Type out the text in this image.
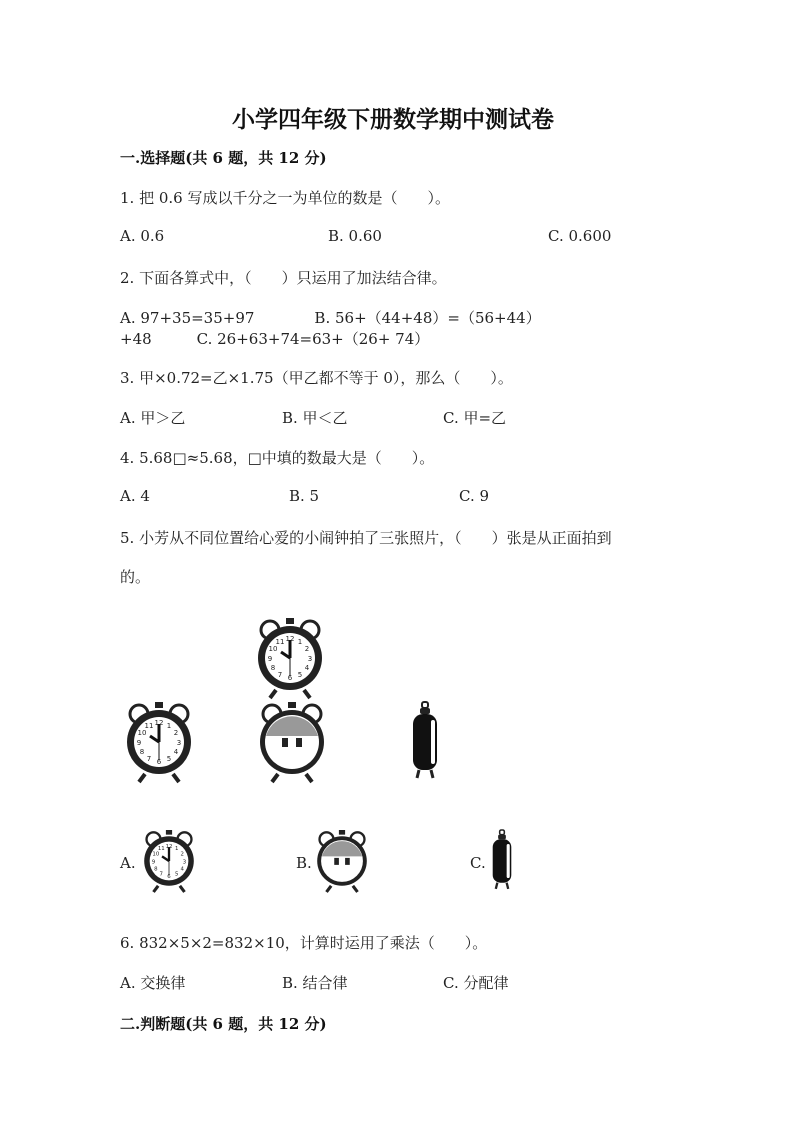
小学四年级下册数学期中测试卷
一.选择题(共 6 题，共 12 分)
1. 把 0.6 写成以千分之一为单位的数是（　　）。
A. 0.6	B. 0.60	C. 0.600
2. 下面各算式中，（　　）只运用了加法结合律。
A. 97+35=35+97　　　　B. 56+（44+48）=（56+44）
+48　　　C. 26+63+74=63+（26+ 74）
3. 甲×0.72=乙×1.75（甲乙都不等于 0），那么（　　）。
A. 甲＞乙	B. 甲＜乙	C. 甲=乙
4. 5.68□≈5.68，□中填的数最大是（　　）。
A. 4	B. 5	C. 9
5. 小芳从不同位置给心爱的小闹钟拍了三张照片，（　　）张是从正面拍到
的。
A.	B.	C.
6. 832×5×2=832×10，计算时运用了乘法（　　）。
A. 交换律	B. 结合律	C. 分配律
二.判断题(共 6 题，共 12 分)
